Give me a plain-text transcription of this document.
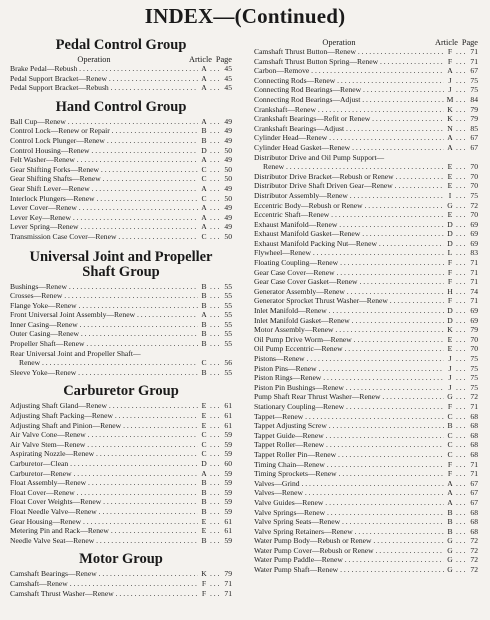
INDEX—(Continued)
Pedal Control Group
Operation	Article Page
Brake Pedal—Rebush . . .	A . . .	45
Pedal Support Bracket—Renew . . .	A . . .	45
Pedal Support Bracket—Rebush . . .	A . . .	45
Hand Control Group
Ball Cup—Renew . . .	A . . .	49
Control Lock—Renew or Repair . . .	B . . .	49
Control Lock Plunger—Renew . . .	B . . .	49
Control Housing—Renew . . .	D . . .	50
Felt Washer—Renew . . .	A . . .	49
Gear Shifting Forks—Renew . . .	C . . .	50
Gear Shifting Shafts—Renew . . .	C . . .	50
Gear Shift Lever—Renew . . .	A . . .	49
Interlock Plungers—Renew . . .	C . . .	50
Lever Cover—Renew . . .	A . . .	49
Lever Key—Renew . . .	A . . .	49
Lever Spring—Renew . . .	A . . .	49
Transmission Case Cover—Renew . . .	C . . .	50
Universal Joint and Propeller
Shaft Group
Bushings—Renew . . .	B . . .	55
Crosses—Renew . . .	B . . .	55
Flange Yoke—Renew . . .	B . . .	55
Front Universal Joint Assembly—Renew . . .	A . . .	55
Inner Casing—Renew . . .	B . . .	55
Outer Casing—Renew . . .	B . . .	55
Propeller Shaft—Renew . . .	B . . .	55
Rear Universal Joint and Propeller Shaft—
Renew . . .	C . . .	56
Sleeve Yoke—Renew . . .	B . . .	55
Carburetor Group
Adjusting Shaft Gland—Renew . . .	E . . .	61
Adjusting Shaft Packing—Renew . . .	E . . .	61
Adjusting Shaft and Pinion—Renew . . .	E . . .	61
Air Valve Cone—Renew . . .	C . . .	59
Air Valve Stem—Renew . . .	C . . .	59
Aspirating Nozzle—Renew . . .	C . . .	59
Carburetor—Clean . . .	D . . .	60
Carburetor—Renew . . .	A . . .	59
Float Assembly—Renew . . .	B . . .	59
Float Cover—Renew . . .	B . . .	59
Float Cover Weights—Renew . . .	B . . .	59
Float Needle Valve—Renew . . .	B . . .	59
Gear Housing—Renew . . .	E . . .	61
Metering Pin and Rack—Renew . . .	E . . .	61
Needle Valve Seat—Renew . . .	B . . .	59
Motor Group
Camshaft Bearings—Renew . . .	K . . .	79
Camshaft—Renew . . .	F . . .	71
Camshaft Thrust Washer—Renew . . .	F . . .	71
Operation	Article Page
Camshaft Thrust Button—Renew . . .	F . . .	71
Camshaft Thrust Button Spring—Renew . . .	F . . .	71
Carbon—Remove . . .	A . . .	67
Connecting Rods—Renew . . .	J . . .	75
Connecting Rod Bearings—Renew . . .	J . . .	75
Connecting Rod Bearings—Adjust . . .	M . . .	84
Crankshaft—Renew . . .	K . . .	79
Crankshaft Bearings—Refit or Renew . . .	K . . .	79
Crankshaft Bearings—Adjust . . .	N . . .	85
Cylinder Head—Renew . . .	A . . .	67
Cylinder Head Gasket—Renew . . .	A . . .	67
Distributor Drive and Oil Pump Support—
Renew . . .	E . . .	70
Distributor Drive Bracket—Rebush or Renew . . .	E . . .	70
Distributor Drive Shaft Driven Gear—Renew . . .	E . . .	70
Distributor Assembly—Renew . . .	I . . .	75
Eccentric Body—Rebush or Renew . . .	G . . .	72
Eccentric Shaft—Renew . . .	E . . .	70
Exhaust Manifold—Renew . . .	D . . .	69
Exhaust Manifold Gasket—Renew . . .	D . . .	69
Exhaust Manifold Packing Nut—Renew . . .	D . . .	69
Flywheel—Renew . . .	L . . .	83
Floating Coupling—Renew . . .	F . . .	71
Gear Case Cover—Renew . . .	F . . .	71
Gear Case Cover Gasket—Renew . . .	F . . .	71
Generator Assembly—Renew . . .	H . . .	74
Generator Sprocket Thrust Washer—Renew . . .	F . . .	71
Inlet Manifold—Renew . . .	D . . .	69
Inlet Manifold Gasket—Renew . . .	D . . .	69
Motor Assembly—Renew . . .	K . . .	79
Oil Pump Drive Worm—Renew . . .	E . . .	70
Oil Pump Eccentric—Renew . . .	E . . .	70
Pistons—Renew . . .	J . . .	75
Piston Pins—Renew . . .	J . . .	75
Piston Rings—Renew . . .	J . . .	75
Piston Pin Bushings—Renew . . .	J . . .	75
Pump Shaft Rear Thrust Washer—Renew . . .	G . . .	72
Stationary Coupling—Renew . . .	F . . .	71
Tappet—Renew . . .	C . . .	68
Tappet Adjusting Screw . . .	B . . .	68
Tappet Guide—Renew . . .	C . . .	68
Tappet Roller—Renew . . .	C . . .	68
Tappet Roller Pin—Renew . . .	C . . .	68
Timing Chain—Renew . . .	F . . .	71
Timing Sprockets—Renew . . .	F . . .	71
Valves—Grind . . .	A . . .	67
Valves—Renew . . .	A . . .	67
Valve Guides—Renew . . .	A . . .	67
Valve Springs—Renew . . .	B . . .	68
Valve Spring Seats—Renew . . .	B . . .	68
Valve Spring Retainers—Renew . . .	B . . .	68
Water Pump Body—Rebush or Renew . . .	G . . .	72
Water Pump Cover—Rebush or Renew . . .	G . . .	72
Water Pump Paddle—Renew . . .	G . . .	72
Water Pump Shaft—Renew . . .	G . . .	72
